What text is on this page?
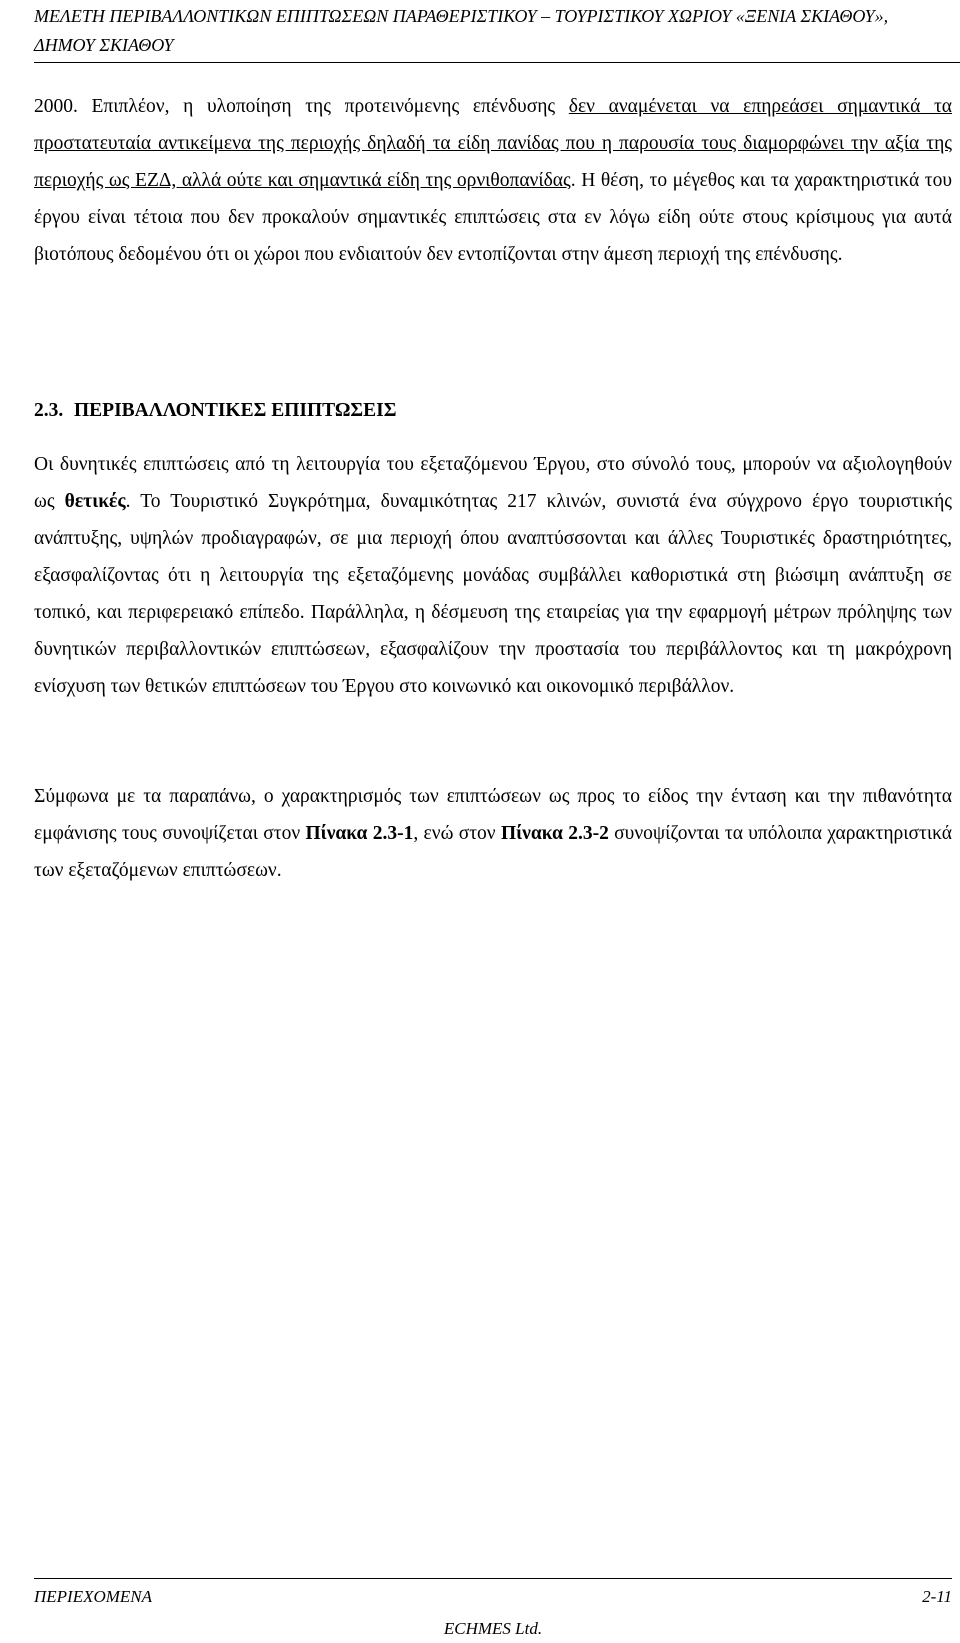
ΜΕΛΕΤΗ ΠΕΡΙΒΑΛΛΟΝΤΙΚΩΝ ΕΠΙΠΤΩΣΕΩΝ ΠΑΡΑΘΕΡΙΣΤΙΚΟΥ – ΤΟΥΡΙΣΤΙΚΟΥ ΧΩΡΙΟΥ «ΞΕΝΙΑ ΣΚΙΑΘΟΥ»,
ΔΗΜΟΥ ΣΚΙΑΘΟΥ

2000. Επιπλέον, η υλοποίηση της προτεινόμενης επένδυσης δεν αναμένεται να επηρεάσει σημαντικά τα προστατευταία αντικείμενα της περιοχής δηλαδή τα είδη πανίδας που η παρουσία τους διαμορφώνει την αξία της περιοχής ως ΕΖΔ, αλλά ούτε και σημαντικά είδη της ορνιθοπανίδας. Η θέση, το μέγεθος και τα χαρακτηριστικά του έργου είναι τέτοια που δεν προκαλούν σημαντικές επιπτώσεις στα εν λόγω είδη ούτε στους κρίσιμους για αυτά βιοτόπους δεδομένου ότι οι χώροι που ενδιαιτούν δεν εντοπίζονται στην άμεση περιοχή της επένδυσης.

2.3. ΠΕΡΙΒΑΛΛΟΝΤΙΚΕΣ ΕΠΙΠΤΩΣΕΙΣ

Οι δυνητικές επιπτώσεις από τη λειτουργία του εξεταζόμενου Έργου, στο σύνολό τους, μπορούν να αξιολογηθούν ως θετικές. Το Τουριστικό Συγκρότημα, δυναμικότητας 217 κλινών, συνιστά ένα σύγχρονο έργο τουριστικής ανάπτυξης, υψηλών προδιαγραφών, σε μια περιοχή όπου αναπτύσσονται και άλλες Τουριστικές δραστηριότητες, εξασφαλίζοντας ότι η λειτουργία της εξεταζόμενης μονάδας συμβάλλει καθοριστικά στη βιώσιμη ανάπτυξη σε τοπικό, και περιφερειακό επίπεδο. Παράλληλα, η δέσμευση της εταιρείας για την εφαρμογή μέτρων πρόληψης των δυνητικών περιβαλλοντικών επιπτώσεων, εξασφαλίζουν την προστασία του περιβάλλοντος και τη μακρόχρονη ενίσχυση των θετικών επιπτώσεων του Έργου στο κοινωνικό και οικονομικό περιβάλλον.

Σύμφωνα με τα παραπάνω, ο χαρακτηρισμός των επιπτώσεων ως προς το είδος την ένταση και την πιθανότητα εμφάνισης τους συνοψίζεται στον Πίνακα 2.3-1, ενώ στον Πίνακα 2.3-2 συνοψίζονται τα υπόλοιπα χαρακτηριστικά των εξεταζόμενων επιπτώσεων.

ΠΕΡΙΕΧΟΜΕΝΑ	2-11
ECHMES Ltd.
